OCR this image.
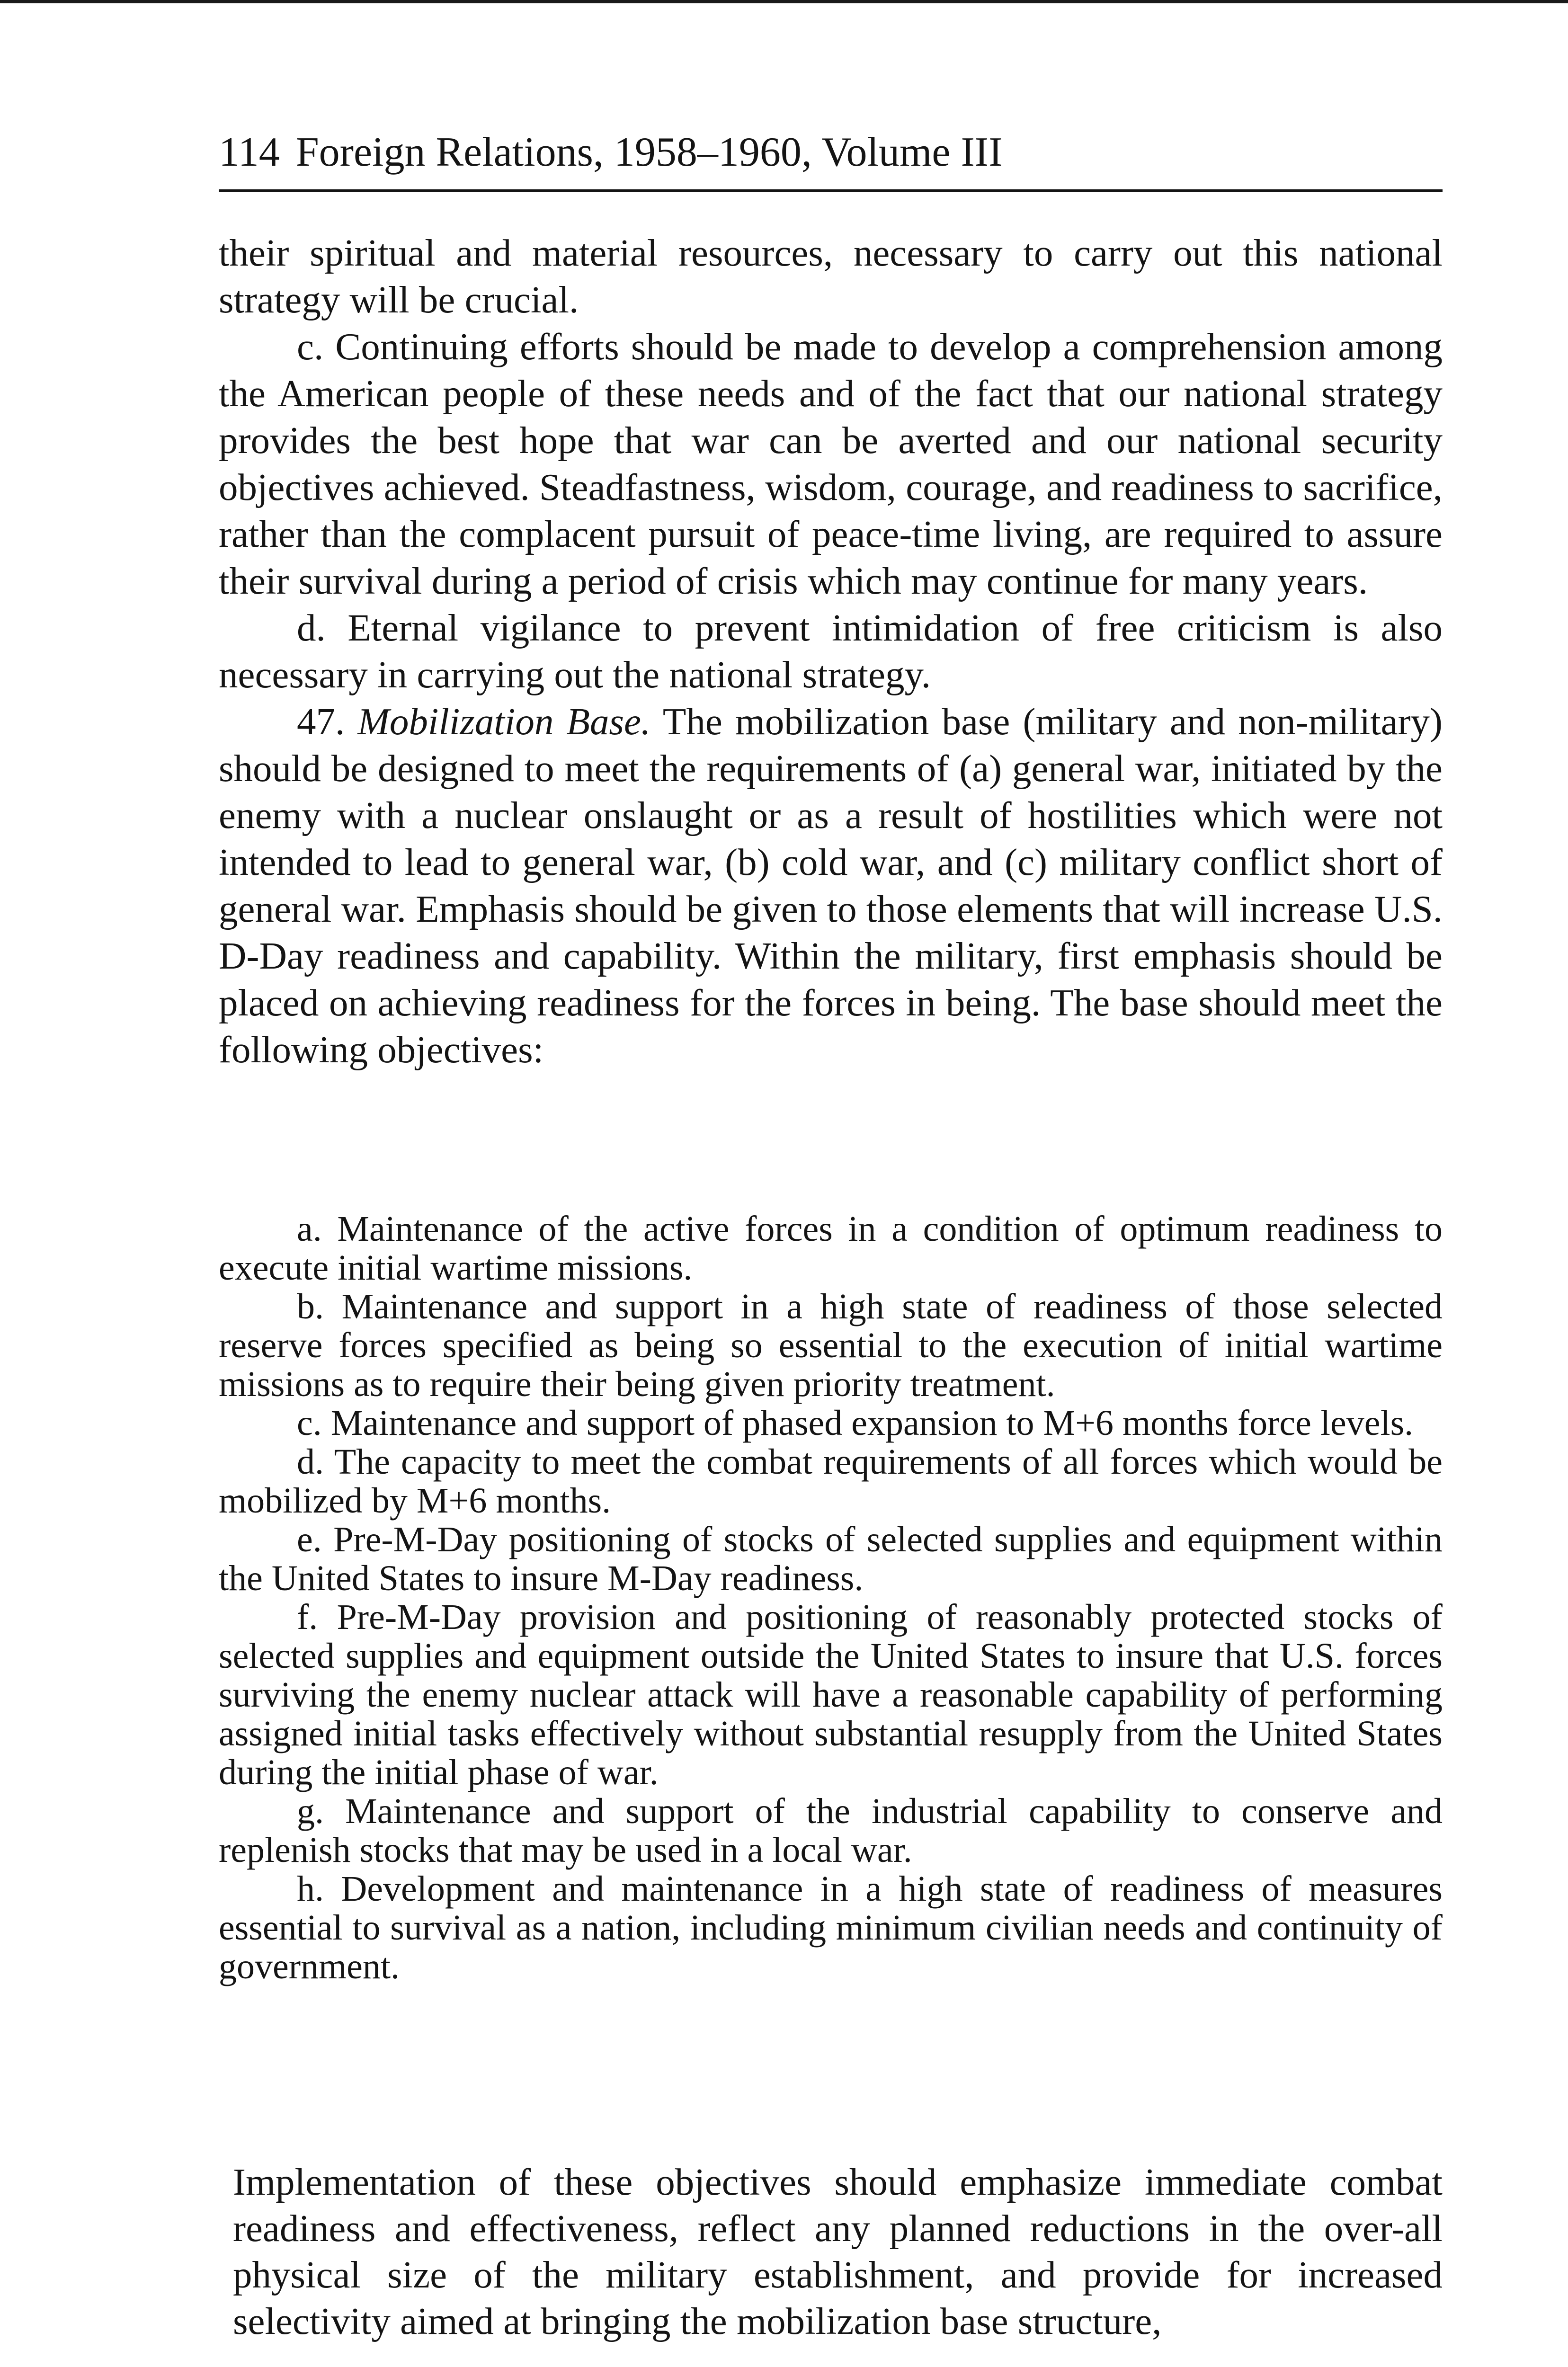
114 Foreign Relations, 1958–1960, Volume III

their spiritual and material resources, necessary to carry out this national strategy will be crucial.

c. Continuing efforts should be made to develop a comprehension among the American people of these needs and of the fact that our national strategy provides the best hope that war can be averted and our national security objectives achieved. Steadfastness, wisdom, courage, and readiness to sacrifice, rather than the complacent pursuit of peace-time living, are required to assure their survival during a period of crisis which may continue for many years.

d. Eternal vigilance to prevent intimidation of free criticism is also necessary in carrying out the national strategy.

47. Mobilization Base. The mobilization base (military and non-military) should be designed to meet the requirements of (a) general war, initiated by the enemy with a nuclear onslaught or as a result of hostilities which were not intended to lead to general war, (b) cold war, and (c) military conflict short of general war. Emphasis should be given to those elements that will increase U.S. D-Day readiness and capability. Within the military, first emphasis should be placed on achieving readiness for the forces in being. The base should meet the following objectives:

a. Maintenance of the active forces in a condition of optimum readiness to execute initial wartime missions.

b. Maintenance and support in a high state of readiness of those selected reserve forces specified as being so essential to the execution of initial wartime missions as to require their being given priority treatment.

c. Maintenance and support of phased expansion to M+6 months force levels.

d. The capacity to meet the combat requirements of all forces which would be mobilized by M+6 months.

e. Pre-M-Day positioning of stocks of selected supplies and equipment within the United States to insure M-Day readiness.

f. Pre-M-Day provision and positioning of reasonably protected stocks of selected supplies and equipment outside the United States to insure that U.S. forces surviving the enemy nuclear attack will have a reasonable capability of performing assigned initial tasks effectively without substantial resupply from the United States during the initial phase of war.

g. Maintenance and support of the industrial capability to conserve and replenish stocks that may be used in a local war.

h. Development and maintenance in a high state of readiness of measures essential to survival as a nation, including minimum civilian needs and continuity of government.

Implementation of these objectives should emphasize immediate combat readiness and effectiveness, reflect any planned reductions in the over-all physical size of the military establishment, and provide for increased selectivity aimed at bringing the mobilization base structure,
